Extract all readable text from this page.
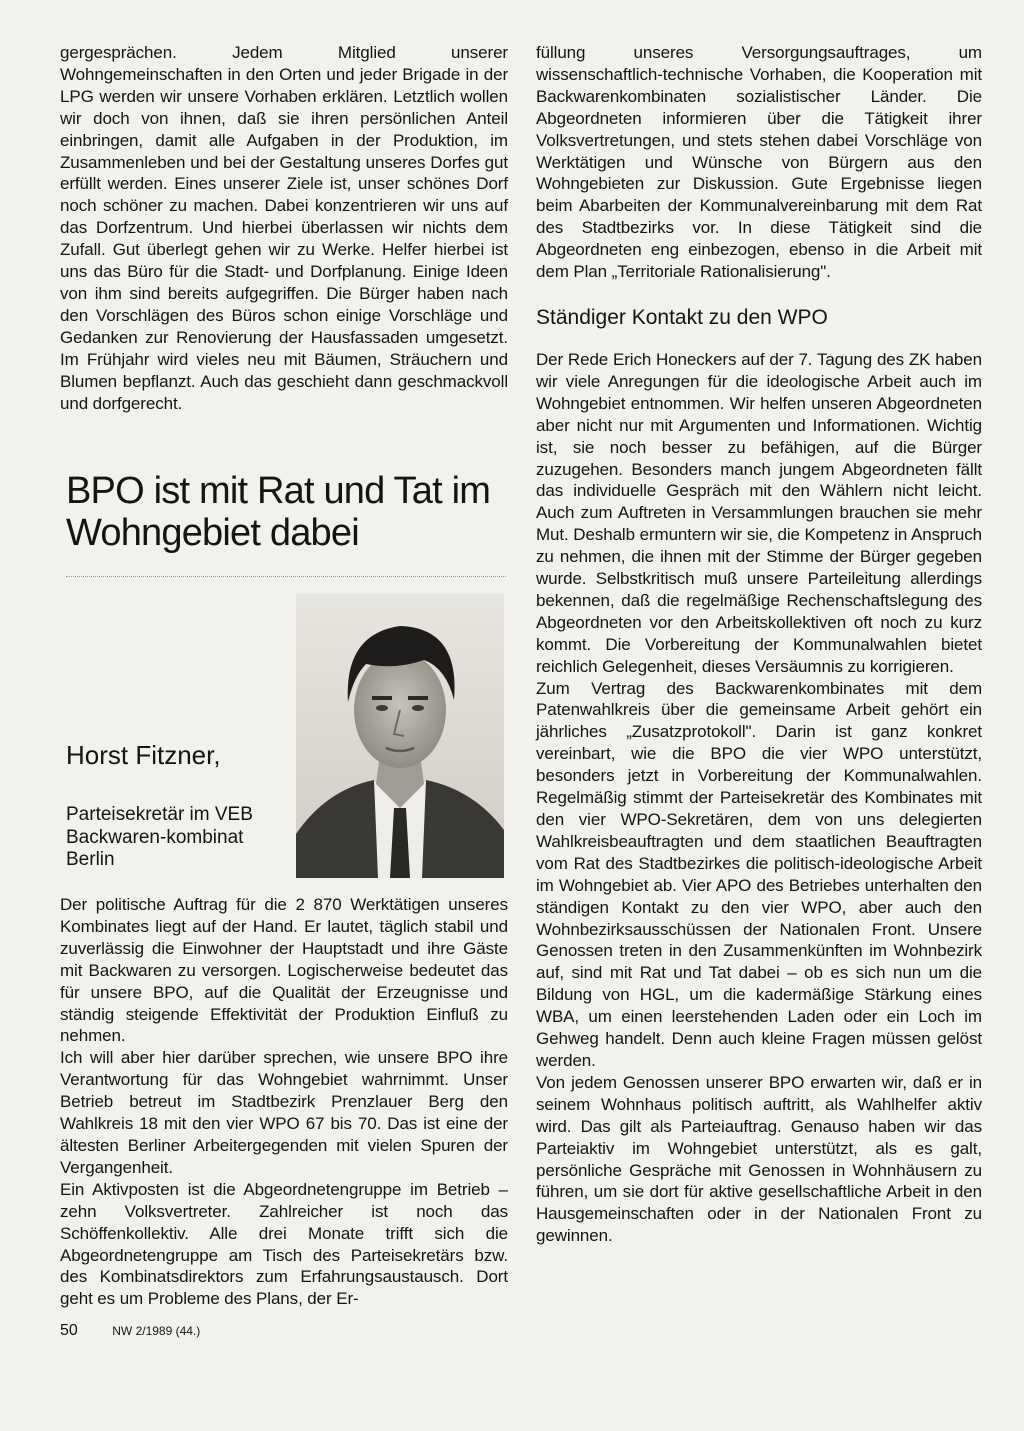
gergesprächen. Jedem Mitglied unserer Wohngemeinschaften in den Orten und jeder Brigade in der LPG werden wir unsere Vorhaben erklären. Letztlich wollen wir doch von ihnen, daß sie ihren persönlichen Anteil einbringen, damit alle Aufgaben in der Produktion, im Zusammenleben und bei der Gestaltung unseres Dorfes gut erfüllt werden. Eines unserer Ziele ist, unser schönes Dorf noch schöner zu machen. Dabei konzentrieren wir uns auf das Dorfzentrum. Und hierbei überlassen wir nichts dem Zufall. Gut überlegt gehen wir zu Werke. Helfer hierbei ist uns das Büro für die Stadt- und Dorfplanung. Einige Ideen von ihm sind bereits aufgegriffen. Die Bürger haben nach den Vorschlägen des Büros schon einige Vorschläge und Gedanken zur Renovierung der Hausfassaden umgesetzt. Im Frühjahr wird vieles neu mit Bäumen, Sträuchern und Blumen bepflanzt. Auch das geschieht dann geschmackvoll und dorfgerecht.

BPO ist mit Rat und Tat im Wohngebiet dabei
Horst Fitzner,
Parteisekretär im VEB Backwaren-kombinat Berlin

Der politische Auftrag für die 2 870 Werktätigen unseres Kombinates liegt auf der Hand. Er lautet, täglich stabil und zuverlässig die Einwohner der Hauptstadt und ihre Gäste mit Backwaren zu versorgen. Logischerweise bedeutet das für unsere BPO, auf die Qualität der Erzeugnisse und ständig steigende Effektivität der Produktion Einfluß zu nehmen.

Ich will aber hier darüber sprechen, wie unsere BPO ihre Verantwortung für das Wohngebiet wahrnimmt. Unser Betrieb betreut im Stadtbezirk Prenzlauer Berg den Wahlkreis 18 mit den vier WPO 67 bis 70. Das ist eine der ältesten Berliner Arbeitergegenden mit vielen Spuren der Vergangenheit.

Ein Aktivposten ist die Abgeordnetengruppe im Betrieb – zehn Volksvertreter. Zahlreicher ist noch das Schöffenkollektiv. Alle drei Monate trifft sich die Abgeordnetengruppe am Tisch des Parteisekretärs bzw. des Kombinatsdirektors zum Erfahrungsaustausch. Dort geht es um Probleme des Plans, der Er-

füllung unseres Versorgungsauftrages, um wissenschaftlich-technische Vorhaben, die Kooperation mit Backwarenkombinaten sozialistischer Länder. Die Abgeordneten informieren über die Tätigkeit ihrer Volksvertretungen, und stets stehen dabei Vorschläge von Werktätigen und Wünsche von Bürgern aus den Wohngebieten zur Diskussion. Gute Ergebnisse liegen beim Abarbeiten der Kommunalvereinbarung mit dem Rat des Stadtbezirks vor. In diese Tätigkeit sind die Abgeordneten eng einbezogen, ebenso in die Arbeit mit dem Plan „Territoriale Rationalisierung".

Ständiger Kontakt zu den WPO

Der Rede Erich Honeckers auf der 7. Tagung des ZK haben wir viele Anregungen für die ideologische Arbeit auch im Wohngebiet entnommen. Wir helfen unseren Abgeordneten aber nicht nur mit Argumenten und Informationen. Wichtig ist, sie noch besser zu befähigen, auf die Bürger zuzugehen. Besonders manch jungem Abgeordneten fällt das individuelle Gespräch mit den Wählern nicht leicht. Auch zum Auftreten in Versammlungen brauchen sie mehr Mut. Deshalb ermuntern wir sie, die Kompetenz in Anspruch zu nehmen, die ihnen mit der Stimme der Bürger gegeben wurde. Selbstkritisch muß unsere Parteileitung allerdings bekennen, daß die regelmäßige Rechenschaftslegung des Abgeordneten vor den Arbeitskollektiven oft noch zu kurz kommt. Die Vorbereitung der Kommunalwahlen bietet reichlich Gelegenheit, dieses Versäumnis zu korrigieren.

Zum Vertrag des Backwarenkombinates mit dem Patenwahlkreis über die gemeinsame Arbeit gehört ein jährliches „Zusatzprotokoll". Darin ist ganz konkret vereinbart, wie die BPO die vier WPO unterstützt, besonders jetzt in Vorbereitung der Kommunalwahlen. Regelmäßig stimmt der Parteisekretär des Kombinates mit den vier WPO-Sekretären, dem von uns delegierten Wahlkreisbeauftragten und dem staatlichen Beauftragten vom Rat des Stadtbezirkes die politisch-ideologische Arbeit im Wohngebiet ab. Vier APO des Betriebes unterhalten den ständigen Kontakt zu den vier WPO, aber auch den Wohnbezirksausschüssen der Nationalen Front. Unsere Genossen treten in den Zusammenkünften im Wohnbezirk auf, sind mit Rat und Tat dabei – ob es sich nun um die Bildung von HGL, um die kadermäßige Stärkung eines WBA, um einen leerstehenden Laden oder ein Loch im Gehweg handelt. Denn auch kleine Fragen müssen gelöst werden.

Von jedem Genossen unserer BPO erwarten wir, daß er in seinem Wohnhaus politisch auftritt, als Wahlhelfer aktiv wird. Das gilt als Parteiauftrag. Genauso haben wir das Parteiaktiv im Wohngebiet unterstützt, als es galt, persönliche Gespräche mit Genossen in Wohnhäusern zu führen, um sie dort für aktive gesellschaftliche Arbeit in den Hausgemeinschaften oder in der Nationalen Front zu gewinnen.

50	NW 2/1989 (44.)
